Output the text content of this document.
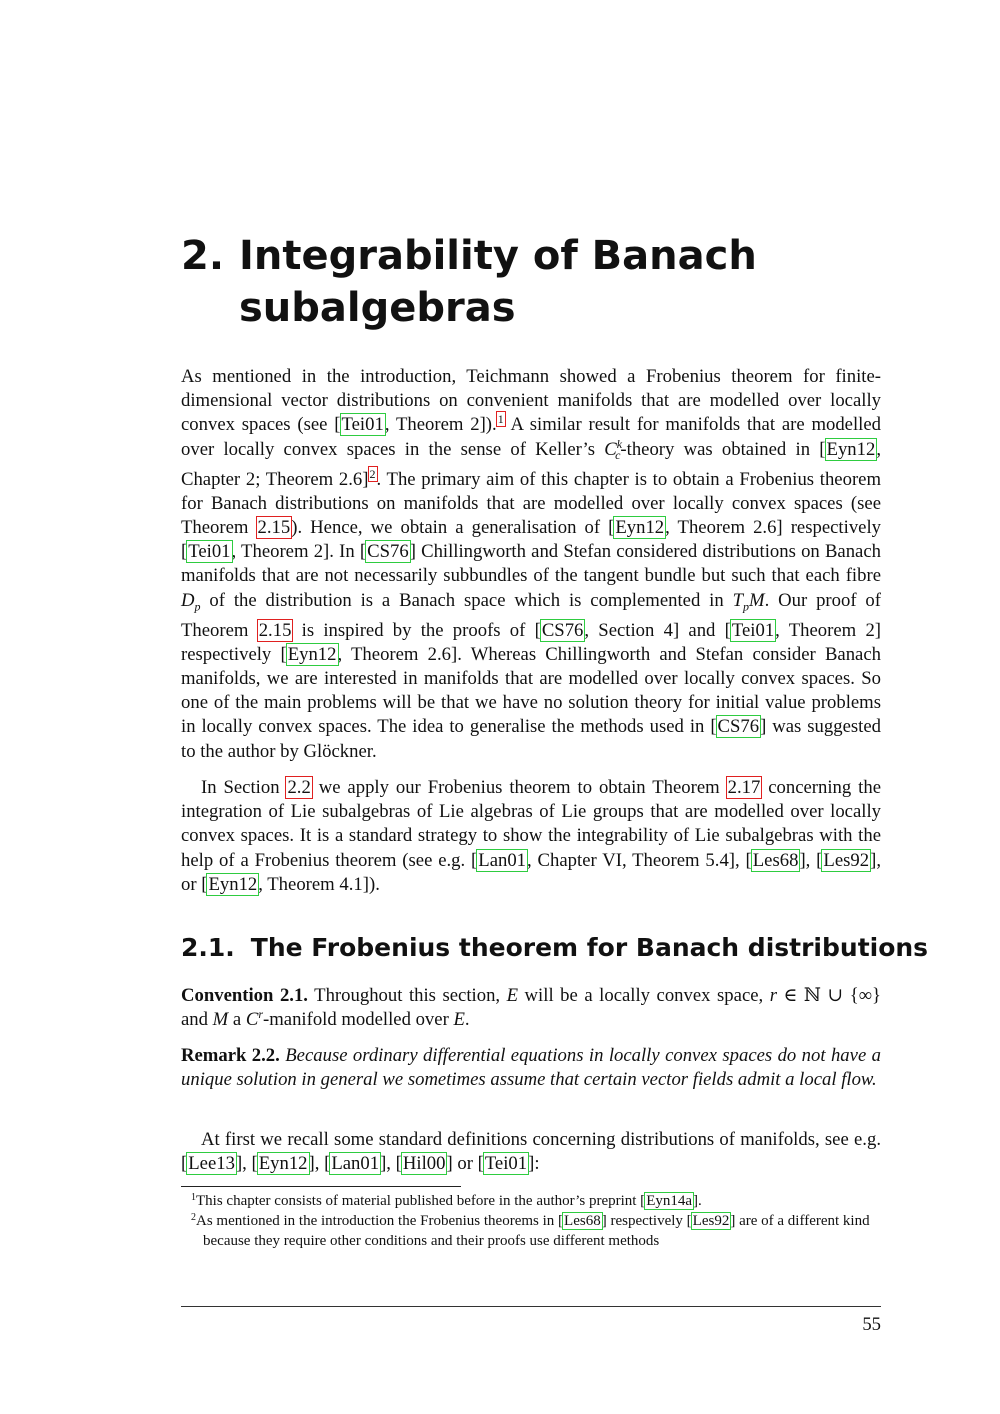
2. Integrability of Banach subalgebras

As mentioned in the introduction, Teichmann showed a Frobenius theorem for finite-dimensional vector distributions on convenient manifolds that are modelled over locally convex spaces (see [Tei01, Theorem 2]).$^1$ A similar result for manifolds that are modelled over locally convex spaces in the sense of Keller’s $C^k_c$-theory was obtained in [Eyn12, Chapter 2; Theorem 2.6]$^2$. The primary aim of this chapter is to obtain a Frobenius theorem for Banach distributions on manifolds that are modelled over locally convex spaces (see Theorem 2.15). Hence, we obtain a generalisation of [Eyn12, Theorem 2.6] respectively [Tei01, Theorem 2]. In [CS76] Chillingworth and Stefan considered distributions on Banach manifolds that are not necessarily subbundles of the tangent bundle but such that each fibre $D_p$ of the distribution is a Banach space which is complemented in $T_pM$. Our proof of Theorem 2.15 is inspired by the proofs of [CS76, Section 4] and [Tei01, Theorem 2] respectively [Eyn12, Theorem 2.6]. Whereas Chillingworth and Stefan consider Banach manifolds, we are interested in manifolds that are modelled over locally convex spaces. So one of the main problems will be that we have no solution theory for initial value problems in locally convex spaces. The idea to generalise the methods used in [CS76] was suggested to the author by Glöckner.

In Section 2.2 we apply our Frobenius theorem to obtain Theorem 2.17 concerning the integration of Lie subalgebras of Lie algebras of Lie groups that are modelled over locally convex spaces. It is a standard strategy to show the integrability of Lie subalgebras with the help of a Frobenius theorem (see e.g. [Lan01, Chapter VI, Theorem 5.4], [Les68], [Les92], or [Eyn12, Theorem 4.1]).

2.1. The Frobenius theorem for Banach distributions

Convention 2.1. Throughout this section, E will be a locally convex space, r ∈ ℕ ∪ {∞} and M a $C^r$-manifold modelled over E.

Remark 2.2. Because ordinary differential equations in locally convex spaces do not have a unique solution in general we sometimes assume that certain vector fields admit a local flow.

At first we recall some standard definitions concerning distributions of manifolds, see e.g. [Lee13], [Eyn12], [Lan01], [Hil00] or [Tei01]:

$^1$This chapter consists of material published before in the author’s preprint [Eyn14a].

$^2$As mentioned in the introduction the Frobenius theorems in [Les68] respectively [Les92] are of a different kind because they require other conditions and their proofs use different methods

55
